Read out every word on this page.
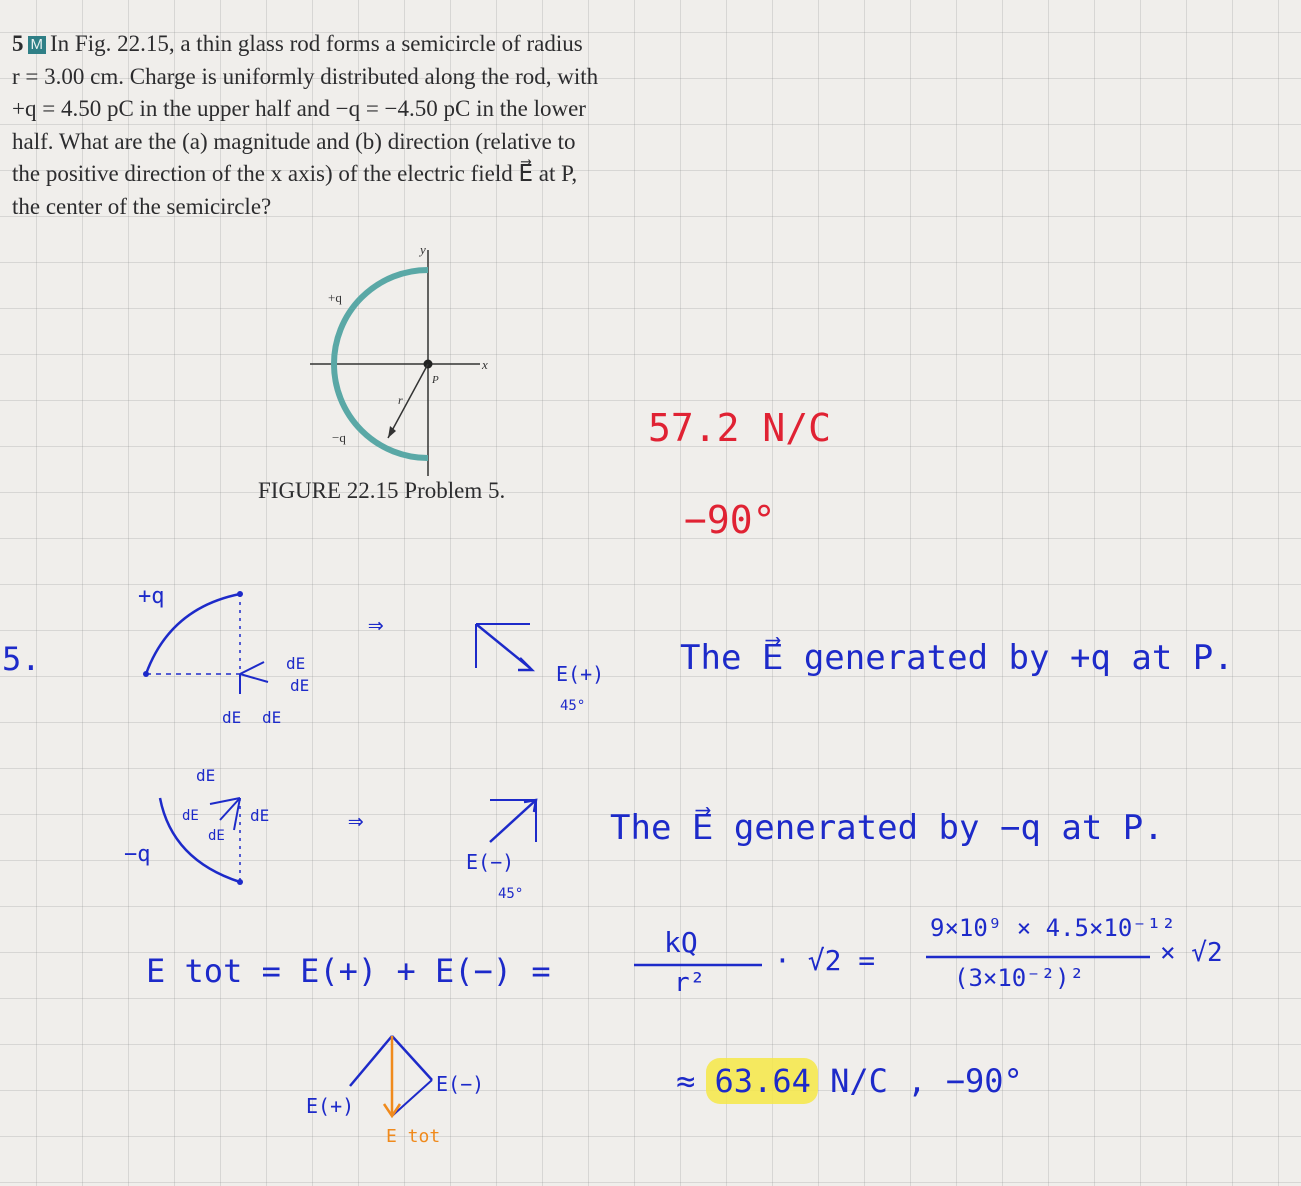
5 M In Fig. 22.15, a thin glass rod forms a semicircle of radius
r = 3.00 cm. Charge is uniformly distributed along the rod, with
+q = 4.50 pC in the upper half and −q = −4.50 pC in the lower
half. What are the (a) magnitude and (b) direction (relative to
the positive direction of the x axis) of the electric field E⃗ at P,
the center of the semicircle?
+q
−q
x
y
r
P
FIGURE 22.15 Problem 5.
57.2 N/C
−90°
5.
+q
dE
dE
dE dE
⇒
E(+)
45°
The E⃗ generated by +q at P.
dE
dE	dE
dE
−q
⇒
E(−)
45°
The E⃗ generated by −q at P.
E tot = E(+) + E(−) =
kQ
r²
· √2 =
9×10⁹ × 4.5×10⁻¹²
(3×10⁻²)²
× √2
E(+)
E(−)
E tot
≈ 63.64 N/C , −90°
